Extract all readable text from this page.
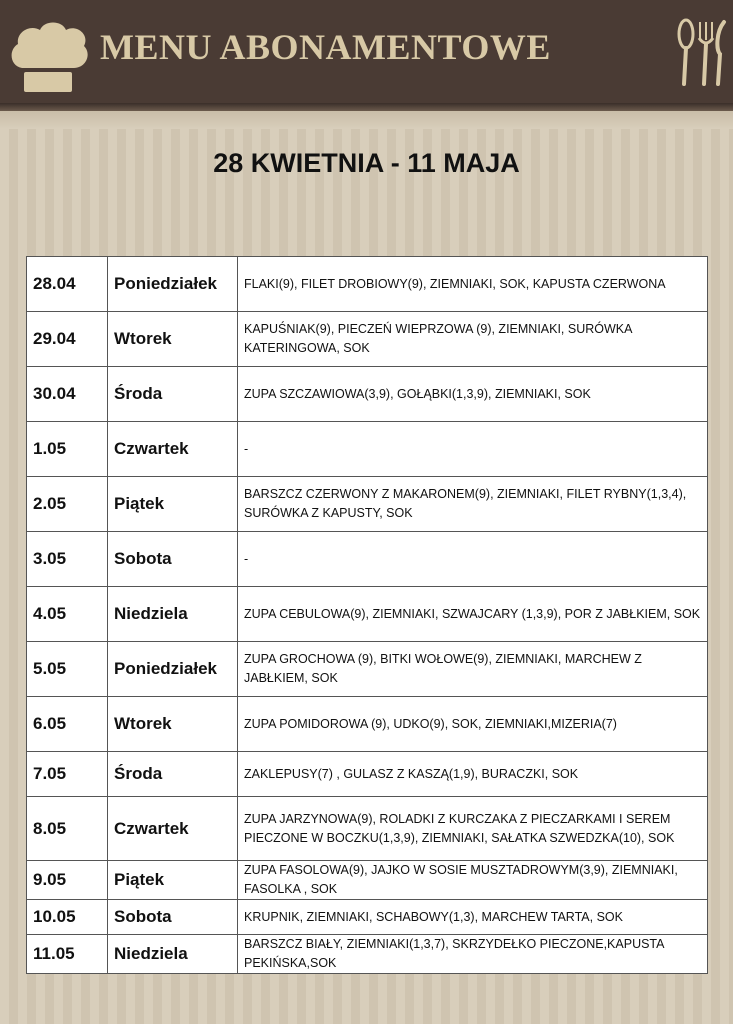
MENU ABONAMENTOWE
28 KWIETNIA - 11 MAJA
28.04	Poniedziałek	FLAKI(9), FILET DROBIOWY(9), ZIEMNIAKI, SOK, KAPUSTA CZERWONA
29.04	Wtorek	KAPUŚNIAK(9), PIECZEŃ WIEPRZOWA (9), ZIEMNIAKI, SURÓWKA KATERINGOWA, SOK
30.04	Środa	ZUPA SZCZAWIOWA(3,9), GOŁĄBKI(1,3,9), ZIEMNIAKI, SOK
1.05	Czwartek	-
2.05	Piątek	BARSZCZ CZERWONY Z MAKARONEM(9), ZIEMNIAKI, FILET RYBNY(1,3,4), SURÓWKA Z KAPUSTY, SOK
3.05	Sobota	-
4.05	Niedziela	ZUPA CEBULOWA(9), ZIEMNIAKI, SZWAJCARY (1,3,9), POR Z JABŁKIEM, SOK
5.05	Poniedziałek	ZUPA GROCHOWA (9), BITKI WOŁOWE(9), ZIEMNIAKI, MARCHEW Z JABŁKIEM, SOK
6.05	Wtorek	ZUPA POMIDOROWA (9), UDKO(9), SOK, ZIEMNIAKI,MIZERIA(7)
7.05	Środa	ZAKLEPUSY(7) , GULASZ Z KASZĄ(1,9), BURACZKI, SOK
8.05	Czwartek	ZUPA JARZYNOWA(9), ROLADKI Z KURCZAKA Z PIECZARKAMI I SEREM PIECZONE W BOCZKU(1,3,9), ZIEMNIAKI, SAŁATKA SZWEDZKA(10), SOK
9.05	Piątek	ZUPA FASOLOWA(9), JAJKO W SOSIE MUSZTADROWYM(3,9), ZIEMNIAKI, FASOLKA , SOK
10.05	Sobota	KRUPNIK, ZIEMNIAKI, SCHABOWY(1,3), MARCHEW TARTA, SOK
11.05	Niedziela	BARSZCZ BIAŁY, ZIEMNIAKI(1,3,7), SKRZYDEŁKO PIECZONE,KAPUSTA PEKIŃSKA,SOK
